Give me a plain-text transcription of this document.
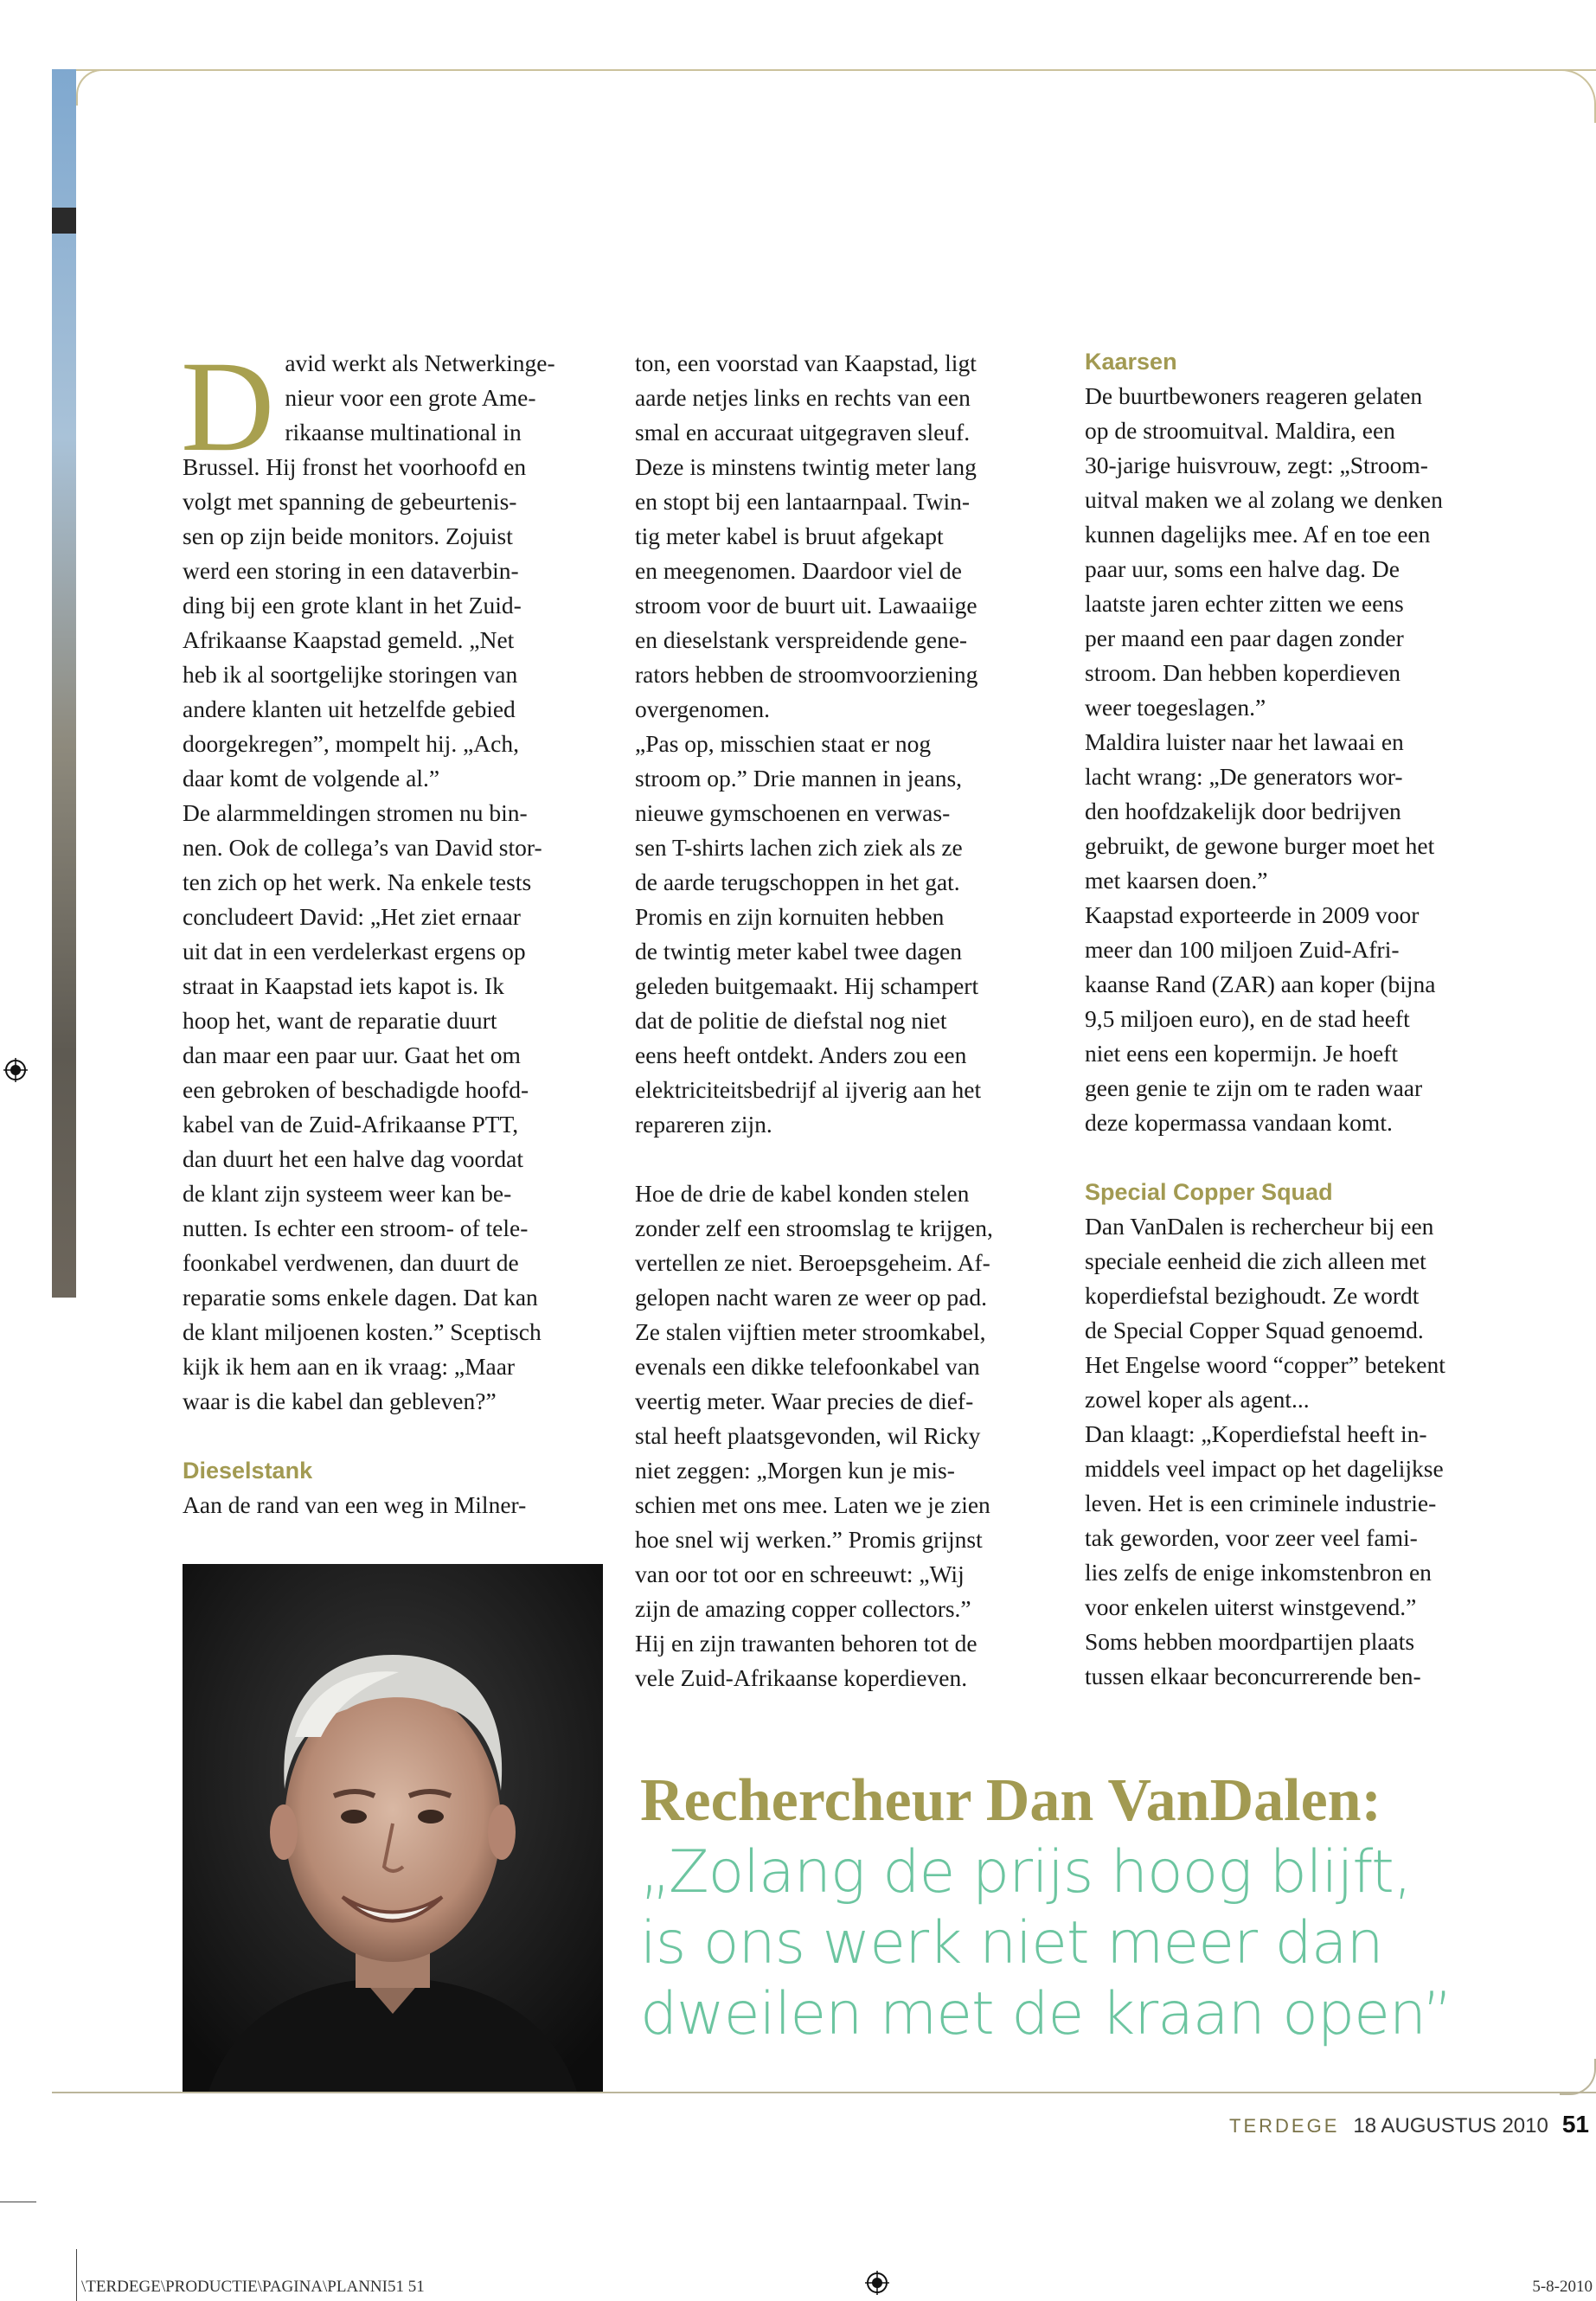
D avid werkt als Netwerkinge-
nieur voor een grote Ame-
rikaanse multinational in
Brussel. Hij fronst het voorhoofd en
volgt met spanning de gebeurtenis-
sen op zijn beide monitors. Zojuist
werd een storing in een dataverbin-
ding bij een grote klant in het Zuid-
Afrikaanse Kaapstad gemeld. „Net
heb ik al soortgelijke storingen van
andere klanten uit hetzelfde gebied
doorgekregen”, mompelt hij. „Ach,
daar komt de volgende al.”

De alarmmeldingen stromen nu bin-
nen. Ook de collega’s van David stor-
ten zich op het werk. Na enkele tests
concludeert David: „Het ziet ernaar
uit dat in een verdelerkast ergens op
straat in Kaapstad iets kapot is. Ik
hoop het, want de reparatie duurt
dan maar een paar uur. Gaat het om
een gebroken of beschadigde hoofd-
kabel van de Zuid-Afrikaanse PTT,
dan duurt het een halve dag voordat
de klant zijn systeem weer kan be-
nutten. Is echter een stroom- of tele-
foonkabel verdwenen, dan duurt de
reparatie soms enkele dagen. Dat kan
de klant miljoenen kosten.” Sceptisch
kijk ik hem aan en ik vraag: „Maar
waar is die kabel dan gebleven?”

Dieselstank

Aan de rand van een weg in Milner-

ton, een voorstad van Kaapstad, ligt
aarde netjes links en rechts van een
smal en accuraat uitgegraven sleuf.
Deze is minstens twintig meter lang
en stopt bij een lantaarnpaal. Twin-
tig meter kabel is bruut afgekapt
en meegenomen. Daardoor viel de
stroom voor de buurt uit. Lawaaiige
en dieselstank verspreidende gene-
rators hebben de stroomvoorziening
overgenomen.

„Pas op, misschien staat er nog
stroom op.” Drie mannen in jeans,
nieuwe gymschoenen en verwas-
sen T-shirts lachen zich ziek als ze
de aarde terugschoppen in het gat.
Promis en zijn kornuiten hebben
de twintig meter kabel twee dagen
geleden buitgemaakt. Hij schampert
dat de politie de diefstal nog niet
eens heeft ontdekt. Anders zou een
elektriciteitsbedrijf al ijverig aan het
repareren zijn.

Hoe de drie de kabel konden stelen
zonder zelf een stroomslag te krijgen,
vertellen ze niet. Beroepsgeheim. Af-
gelopen nacht waren ze weer op pad.
Ze stalen vijftien meter stroomkabel,
evenals een dikke telefoonkabel van
veertig meter. Waar precies de dief-
stal heeft plaatsgevonden, wil Ricky
niet zeggen: „Morgen kun je mis-
schien met ons mee. Laten we je zien
hoe snel wij werken.” Promis grijnst
van oor tot oor en schreeuwt: „Wij
zijn de amazing copper collectors.”
Hij en zijn trawanten behoren tot de
vele Zuid-Afrikaanse koperdieven.

Kaarsen

De buurtbewoners reageren gelaten
op de stroomuitval. Maldira, een
30-jarige huisvrouw, zegt: „Stroom-
uitval maken we al zolang we denken
kunnen dagelijks mee. Af en toe een
paar uur, soms een halve dag. De
laatste jaren echter zitten we eens
per maand een paar dagen zonder
stroom. Dan hebben koperdieven
weer toegeslagen.”

Maldira luister naar het lawaai en
lacht wrang: „De generators wor-
den hoofdzakelijk door bedrijven
gebruikt, de gewone burger moet het
met kaarsen doen.”

Kaapstad exporteerde in 2009 voor
meer dan 100 miljoen Zuid-Afri-
kaanse Rand (ZAR) aan koper (bijna
9,5 miljoen euro), en de stad heeft
niet eens een kopermijn. Je hoeft
geen genie te zijn om te raden waar
deze kopermassa vandaan komt.

Special Copper Squad

Dan VanDalen is rechercheur bij een
speciale eenheid die zich alleen met
koperdiefstal bezighoudt. Ze wordt
de Special Copper Squad genoemd.
Het Engelse woord “copper” betekent
zowel koper als agent...

Dan klaagt: „Koperdiefstal heeft in-
middels veel impact op het dagelijkse
leven. Het is een criminele industrie-
tak geworden, voor zeer veel fami-
lies zelfs de enige inkomstenbron en
voor enkelen uiterst winstgevend.”
Soms hebben moordpartijen plaats
tussen elkaar beconcurrerende ben-

Rechercheur Dan VanDalen:

„Zolang de prijs hoog blijft,
is ons werk niet meer dan
dweilen met de kraan open”

TERDEGE 18 AUGUSTUS 2010 51
\TERDEGE\PRODUCTIE\PAGINA\PLANNI51 51	5-8-2010
